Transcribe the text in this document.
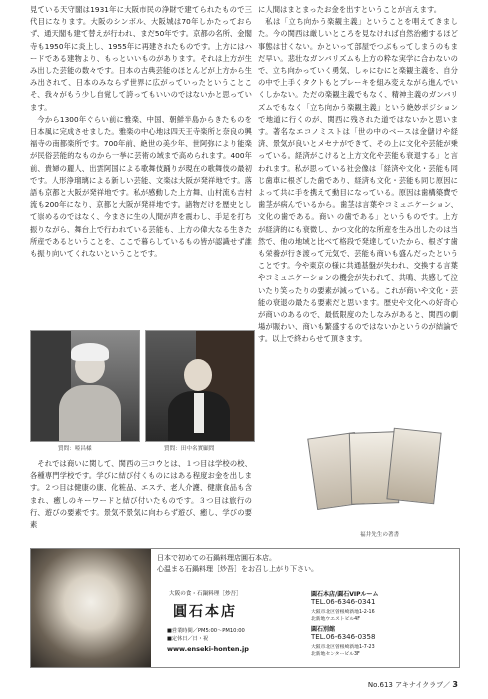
見ている天守閣は1931年に大阪市民の浄財で建てられたもので三代目になります。大阪のシンボル、大阪城は70年しかたっておらず、通天閣も建て替えが行われ、まだ50年です。京都の名所、金閣寺も1950年に炎上し、1955年に再建されたものです。上方にはハードである建物より、もっといいものがあります。それは上方が生み出した芸能の数々です。日本の古典芸能のほとんどが上方から生み出されて、日本のみならず世界に広がっていったということこそ、我々がもう少し自覚して誇ってもいいのではないかと思っています。

今から1300年ぐらい前に雅楽、中国、朝鮮半島からきたものを日本風に完成させました。雅楽の中心地は四天王寺楽所と奈良の興福寺の南都楽所です。700年前、絶世の美少年、世阿弥により能楽が民俗芸能的なものから一挙に芸術の域まで高められます。400年前、貴婦の麗人、出雲阿国による歌舞伎踊りが現在の歌舞伎の最初です。人形浄瑠璃による新しい芸能、文楽は大阪が発祥地です。落語も京都と大阪が発祥地です。私が感動した上方舞、山村流も吉村流も200年になり、京都と大阪が発祥地です。諸物だけを歴史として崇めるのではなく、今まさに生の人間が声を震わし、手足を打ち振りながら、舞台上で行われている芸能も、上方の偉大なる生きた所産であるということを、ここで暮らしているもの皆が認識せず誰も振り向いてくれないということです。

質問：啞昌様	質問：田中名實顧問

それでは商いに関して、関西の三コウとは、１つ目は学校の校、各種専門学校です。学びに結び付くものにはある程度お金を出します。２つ目は健康の康、化粧品、エステ、老人介護、健康食品も含まれ、癒しのキーワードと結び付いたものです。３つ目は旅行の行、遊びの要素です。景気不景気に向わらず遊び、癒し、学びの要素

に人間はまとまったお金を出すということが言えます。

私は「立ち向かう楽観主義」ということを唱えてきました。今の関西は厳しいところを見なければ自然治癒するほど事態は甘くない。かといって部屋でつぶもってしまうのもまだ早い。悲壮なガンバリズムも上方の粋な実学に合わないので、立ち向かっていく勇気、しゃにむにと楽観主義を、自分の中で上手くタクトもとプレーキを組み変えながら進んでいくしかない。ただの楽観主義でもなく、精神主義のガンバリズムでもなく「立ち向かう楽観主義」という絶妙ポジションで地道に行くのが、関西に残された道ではないかと思います。著名なエコノミストは「世の中のベースは金儲けや経済、景気が良いとメセナができて、その上に文化や芸能が乗っている。経済がこけると上方文化や芸能も衰退する」と言われます。私が思っている社会像は「経済や文化・芸能も同じ歯車に根ざした歯であり、経済も文化・芸能も同じ原因によって共に手を携えて動目になっている。原因は歯構築費で歯茎が病んでいるから。歯茎は言葉やコミュニケーション、文化の歯である。商い の歯である」というものです。上方が経済的にも衰微し、かつ文化的な所産を生み出したのは当然で、他の地域と比べて格段で発達していたから、根ざす歯も栄養が行き渡って元気で、芸能も商いも盛んだったということです。今や東京の様に共通基盤が失われ、交換する言葉やコミュニケーションの機会が失われて、共鳴、共感して泣いたり笑ったりの要素が減っている。これが商いや文化・芸能の衰退の最たる要素だと思います。歴史や文化への好奇心が商いのあるので、最低限度のたしなみがあると、関西の劇場が賑わい、商いも繁盛するのではないかというのが結論です。以上で終わらせて頂きます。

福井先生の著書
日本で初めての石鍋料理店圓石本店。
心温まる石鍋料理［炒吾］をお召し上がり下さい。
大阪の食・石鍋料理［炒吾］
圓石本店
■営業時間／PM5:00～PM10:00
■定休日／日・祝
www.enseki-honten.jp
圓石本店/圓石VIPルーム
TEL.06-6346-0341
大阪市北区曽根崎新地1-2-16
北新地ウエストビル4F
圓石別館
TEL.06-6346-0358
大阪市北区曽根崎新地1-7-23
北新地センタービル3F
No.613 アキナイクラブ／ 3
